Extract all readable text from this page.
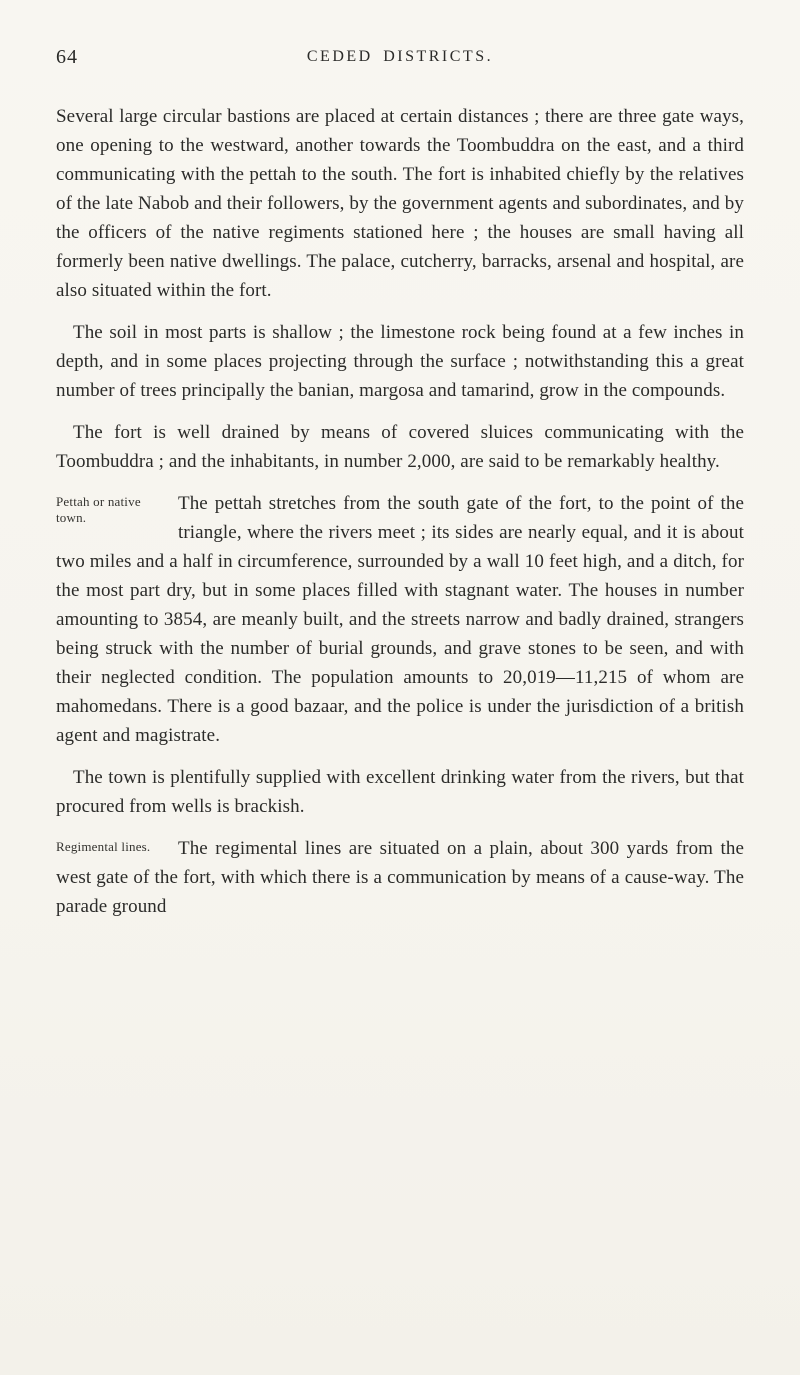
64	CEDED DISTRICTS.

Several large circular bastions are placed at certain distances ; there are three gate ways, one opening to the westward, another towards the Toombuddra on the east, and a third communicating with the pettah to the south. The fort is inhabited chiefly by the relatives of the late Nabob and their followers, by the government agents and subordinates, and by the officers of the native regiments stationed here ; the houses are small having all formerly been native dwellings. The palace, cutcherry, barracks, arsenal and hospital, are also situated within the fort.

The soil in most parts is shallow ; the limestone rock being found at a few inches in depth, and in some places projecting through the surface ; notwithstanding this a great number of trees principally the banian, margosa and tamarind, grow in the compounds.

The fort is well drained by means of covered sluices communicating with the Toombuddra ; and the inhabitants, in number 2,000, are said to be remarkably healthy.

Pettah or native town.
The pettah stretches from the south gate of the fort, to the point of the triangle, where the rivers meet ; its sides are nearly equal, and it is about two miles and a half in circumference, surrounded by a wall 10 feet high, and a ditch, for the most part dry, but in some places filled with stagnant water. The houses in number amounting to 3854, are meanly built, and the streets narrow and badly drained, strangers being struck with the number of burial grounds, and grave stones to be seen, and with their neglected condition. The population amounts to 20,019—11,215 of whom are mahomedans. There is a good bazaar, and the police is under the jurisdiction of a british agent and magistrate.

The town is plentifully supplied with excellent drinking water from the rivers, but that procured from wells is brackish.

Regimental lines.	The regimental lines are situated on a plain, about 300 yards from the west gate of the fort, with which there is a communication by means of a cause-way. The parade ground
